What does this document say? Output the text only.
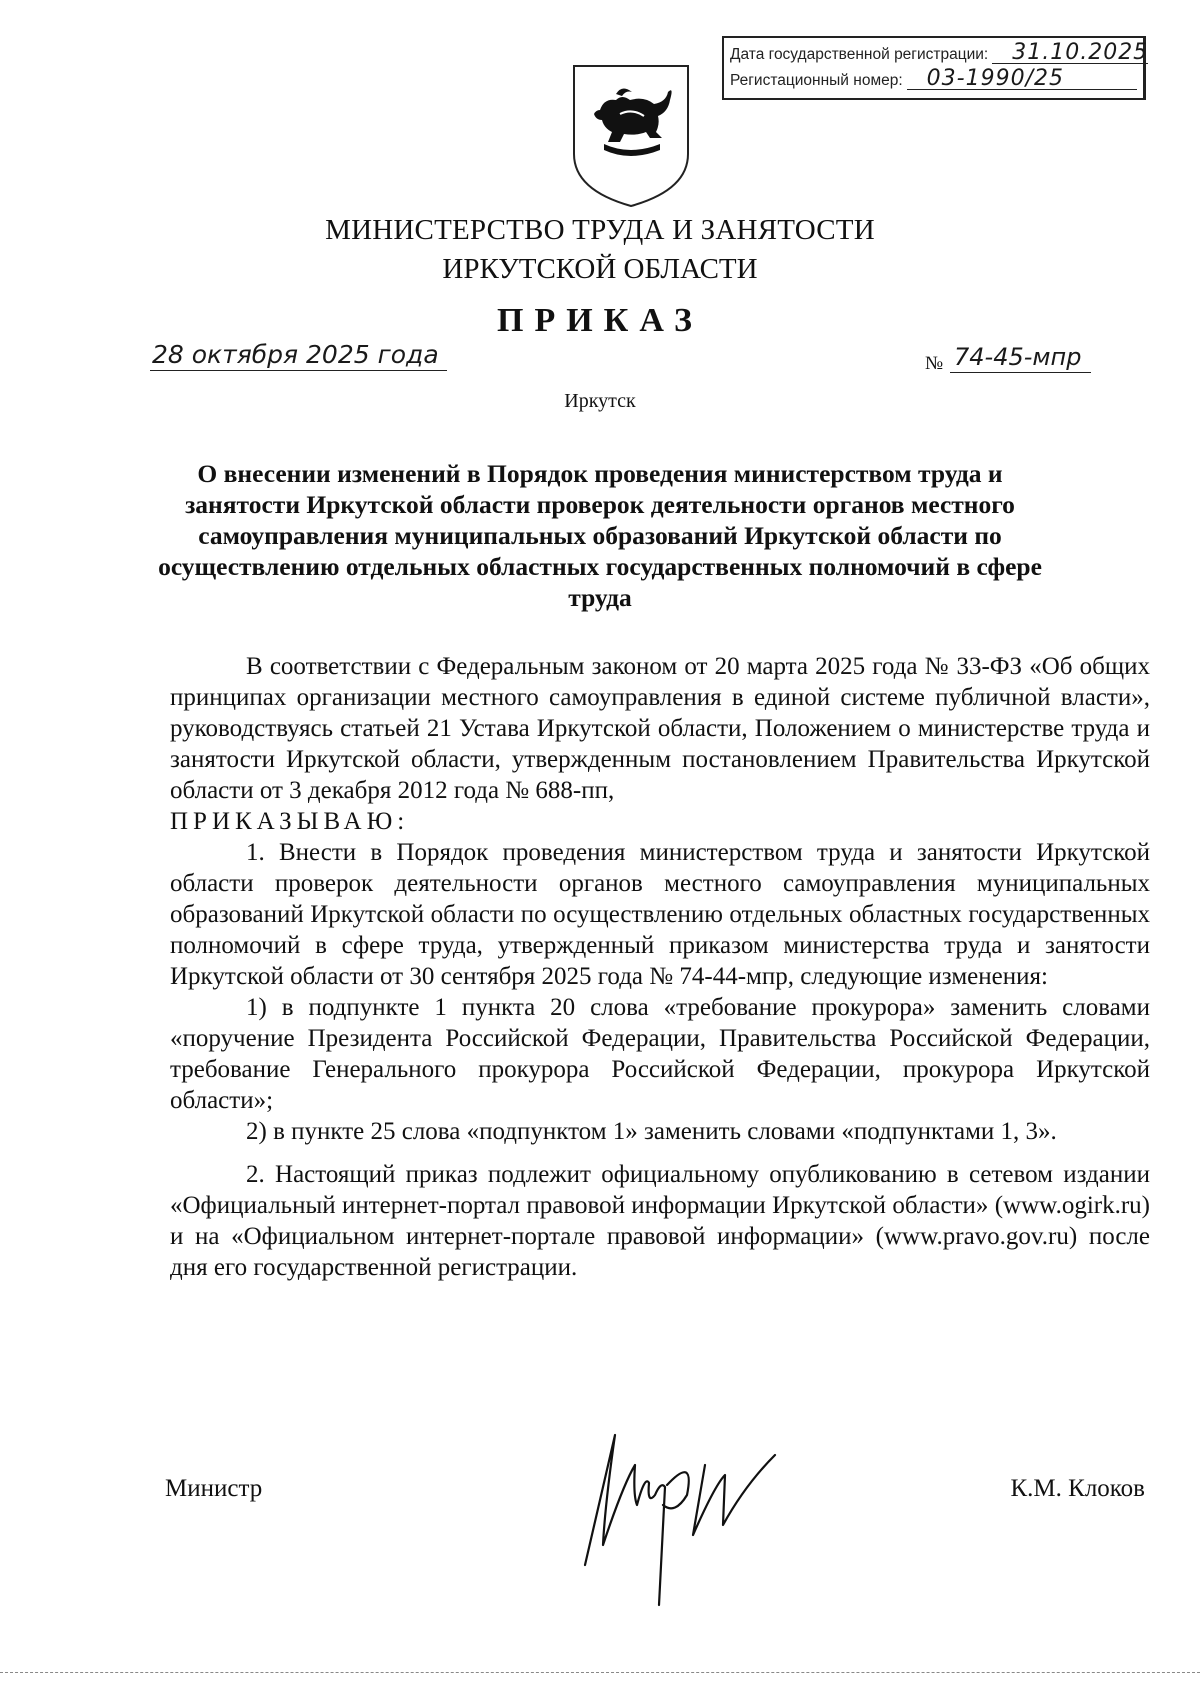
Дата государственной регистрации:	31.10.2025
Регистационный номер:	03-1990/25
МИНИСТЕРСТВО ТРУДА И ЗАНЯТОСТИ
ИРКУТСКОЙ ОБЛАСТИ
ПРИКАЗ
28 октября 2025 года	№ 74-45-мпр
Иркутск
О внесении изменений в Порядок проведения министерством труда и занятости Иркутской области проверок деятельности органов местного самоуправления муниципальных образований Иркутской области по осуществлению отдельных областных государственных полномочий в сфере труда

В соответствии с Федеральным законом от 20 марта 2025 года № 33-ФЗ «Об общих принципах организации местного самоуправления в единой системе публичной власти», руководствуясь статьей 21 Устава Иркутской области, Положением о министерстве труда и занятости Иркутской области, утвержденным постановлением Правительства Иркутской области от 3 декабря 2012 года № 688-пп,

ПРИКАЗЫВАЮ:

1. Внести в Порядок проведения министерством труда и занятости Иркутской области проверок деятельности органов местного самоуправления муниципальных образований Иркутской области по осуществлению отдельных областных государственных полномочий в сфере труда, утвержденный приказом министерства труда и занятости Иркутской области от 30 сентября 2025 года № 74-44-мпр, следующие изменения:

1) в подпункте 1 пункта 20 слова «требование прокурора» заменить словами «поручение Президента Российской Федерации, Правительства Российской Федерации, требование Генерального прокурора Российской Федерации, прокурора Иркутской области»;

2) в пункте 25 слова «подпунктом 1» заменить словами «подпунктами 1, 3».

2. Настоящий приказ подлежит официальному опубликованию в сетевом издании «Официальный интернет-портал правовой информации Иркутской области» (www.ogirk.ru) и на «Официальном интернет-портале правовой информации» (www.pravo.gov.ru) после дня его государственной регистрации.

Министр	К.М. Клоков
